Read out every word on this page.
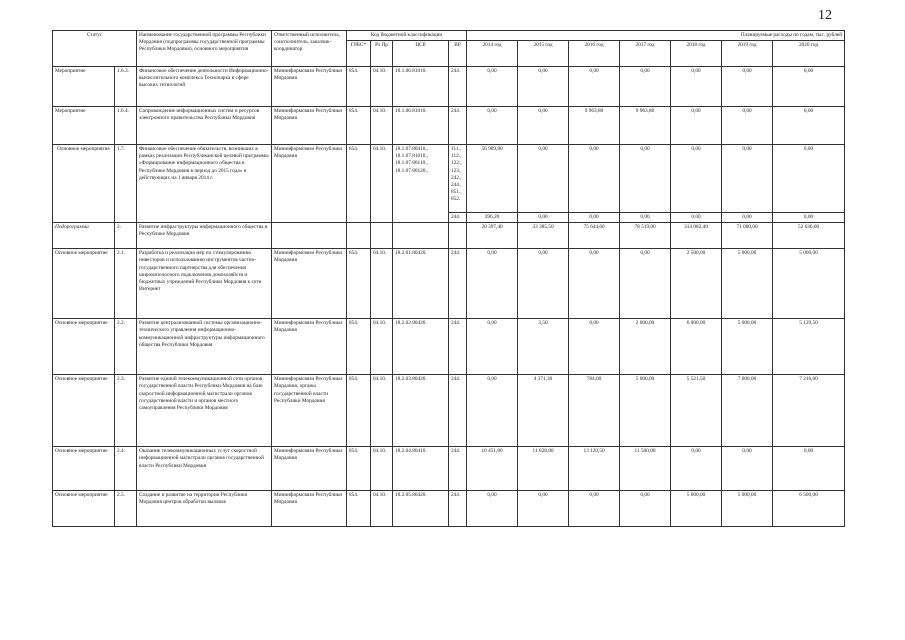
12
Статус		Наименование государственной программы Республики Мордовия (подпрограммы государственной программы Республики Мордовия), основного мероприятия	Ответственный исполнитель, соисполнитель, заказчик-координатор	Код бюджетной классификации				Планируемые расходы по годам, тыс. рублей						
				ГРБС*	Рз Пр	ЦСР	ВР	2014 год	2015 год	2016 год	2017 год	2018 год	2019 год	2020 год
Мероприятие	1.6.3.	Финансовое обеспечение деятельности Информационно-вычислительного комплекса Технопарка в сфере высоких технологий	Мининформсвязи Республики Мордовия	854.	04.10.	18.1.06.81010.	244.	0,00	0,00	0,00	0,00	0,00	0,00	0,00
Мероприятие	1.6.4.	Сопровождение информационных систем и ресурсов электронного правительства Республики Мордовия	Мининформсвязи Республики Мордовия	854.	04.10.	18.1.06.81010.	244.	0,00	0,00	9 963,80	9 963,80	0,00	0,00	0,00
Основное мероприятие	1.7.	Финансовое обеспечение обязательств, возникших в рамках реализации Республиканской целевой программы «Формирование информационного общества в Республике Мордовия в период до 2015 года» и действующих на 1 января 2014 г.	Мининформсвязи Республики Мордовия	854.	04.10.	18.1.07.80410., 18.1.07.81010., 18.1.07.80110., 18.1.07.80120.,	111., 112., 122., 123., 242., 244., 851., 852.	56 909,80	0,00	0,00	0,00	0,00	0,00	0,00
							244.	396,20	0,00	0,00	0,00	0,00	0,00	0,00
Подпрограмма	2.	Развитие инфраструктуры информационного общества в Республике Мордовия						20 397,40	33 385,50	75 644,60	78 519,00	314 082,40	71 000,00	52 636,00
Основное мероприятие	2.1.	Разработка и реализация мер по стимулированию инвесторов и использованию инструментов частно-государственного партнерства для обеспечения широкополосного подключения домохозяйств и бюджетных учреждений Республики Мордовия к сети Интернет	Мининформсвязи Республики Мордовия	854.	04.10.	18.2.01.80420.	244.	0,00	0,00	0,00	0,00	2 500,00	5 000,00	5 000,00
Основное мероприятие	2.2.	Развитие централизованной системы организационно-технического управления информационно-коммуникационной инфраструктуры информационного общества Республики Мордовия	Мининформсвязи Республики Мордовия	854.	04.10.	18.2.02.80420.	244.	0,00	3,50	0,00	2 000,00	6 000,00	5 000,00	5 129,50
Основное мероприятие	2.3.	Развитие единой телекоммуникационной сети органов государственной власти Республики Мордовия на базе скоростной информационной магистрали органов государственной власти и органов местного самоуправления Республики Мордовия	Мининформсвязи Республики Мордовия, органы государственной власти Республики Мордовия	854.	04.10.	18.2.03.80420.	244.	0,00	4 371,30	784,00	5 000,00	5 521,50	7 000,00	7 216,00
Основное мероприятие	2.4.	Оказание телекоммуникационных услуг скоростной информационной магистрали органов государственной власти Республики Мордовия	Мининформсвязи Республики Мордовия	854.	04.10.	18.2.04.80410.	244.	10 451,80	11 828,80	13 120,50	11 500,00	0,00	0,00	0,00
Основное мероприятие	2.5.	Создание и развитие на территории Республики Мордовия центров обработки вызовов	Мининформсвязи Республики Мордовия	854.	04.10.	18.2.05.80420.	244.	0,00	0,00	0,00	0,00	5 000,00	5 000,00	6 500,00
